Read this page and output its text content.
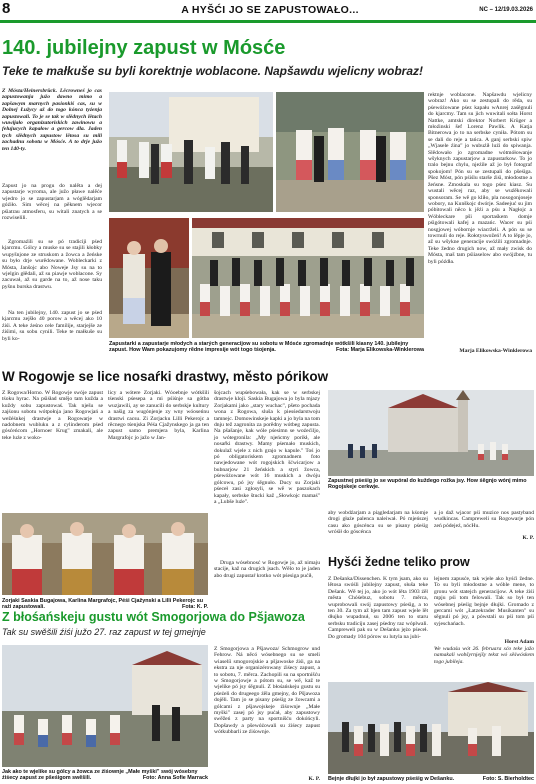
8	A HYŠĆI JO SE ZAPUSTOWAŁO...	NC – 12/19.03.2026
140. jubilejny zapust w Mósće
Teke te małkuše su byli korektnje woblacone. Napšawdu wjelicny wobraz!
Z Mósta/Heinersbrück. Lěcrowneś jo cas zapustowanja južo dawno mimo a zapšawym marnych pasionkiś cas, su w Dolnej Łužycy až do togo kónca tyźenja zapustowali. To je se tak w slědnych lětach wuwijało organizatoriskich zawinowu a felujucych kapałow a gercow dla. Jaden tych slědnych zapustow lětosa su mili zachadnu sobotu w Mósće. A to drje južo ten 140-ty.
Zapust jo na progu do nalěta a dej zapustarje wyroma, ale južo pławe nalěće wjedro jo se zapustarjam a wóglědarjam góźiło. Sim wěcej na pěknem wjecor pśiatrau atmosferu, su witali znatych a se rozwiselili.
Zgromaźili su se pó tradiciji pśed kjarcmu. Gólcy a muske su se stajili kłobky wupyšnjone ze struskom a žowca a žeńske su było drje wurědowane. Wobleckarki z Mósta, Janšojc abo Noweje Jsy su na to wjelgin głědali, až su piawje woblacone. Sy zacuwał, až su garde na to, až nose taku pyšnu burska drastwu.
Na ten jubilejny, 140. zapust jo se pśed kjarcmu zejšło 40 porow a wěcej ako 10 źiśi. A teke źeśno cele familije, starjejše ze źiśimi, su sobu cynili. Teke te małkuše su byli ko-
Zapustarki a zapustarje młodych a starých generacijow su sobotu w Mósće zgromadnje wótkšili kiasny 140. jubilejny zapust. How Wam pokazujomy rědne impresije wót togo tśojenja.	Fota: Marja Elikowska-Winklerowa
rektnje woblacone. Napšawdu wjelicny wobraz! Ako su se zestupali do rěda, su pśewóźowane pśez kapału wAnrej zaśěgnuli do kjarcmy. Tam su jich wuwitali sołta Horst Nattke, amtski direktor Norbert Krüger a młoźinski šef Lorenz Pawlik. A Katja Bitnerowa jo to na serbske cyniła. Pótom su se dali do reje a tańca. A ganj serbski spiw „Wjasele źina" jo wubuźił luźi do spiwanja. Slědowało jo zgromadne wótmółowanje wšyknych zapustarjow a zapustarkow. To jo tralo bejnu chylu, njeźile až jo był fotograf spokojom! Pón su se zestupali do pšeśiga. Pšez Móst, pón pśiślu starše źiśi, młodostne a žeńsne. Zmoskala su togo pśez kiasz. Su wustali wěcej raz, aby se wuźěkowali sponsoram. Se wě go kliło, pla nosogonjoseje wobory, na Kunškojc dwórje. Sadeejuć su jim póbitowali něco k jěźi a pśu a Nagłojc a Wóbleckare pši sportaśkem domje pśigótowali kafej a mazańc. Wacer su pśi nosgjowej wóbornje wiacrželi. A pón su se towrnuli do reje. Rołotyswožeń! A to lěpje jo, až su wšykne generacije swóźili zgromadnje. Teke žedno drugich now, až mały zwisk do Mósta, maš tam pśiiaselow abo swójźbne, tu byli późdła.
Marja Elikowska-Winklerowa
W Rogowje se lice nosaŕki drastwy, město pórikow
Z Rogowa/Horno. W Rogowje swóje zapust tśoku hyrac. Na pśiśład smějo tam kužda a kuždy sobu zapustowaś. Tak nješu se zajśonu sobotu wótpołnja jano Rogowjań a wežéśnkej drastwje a Rogowarje w nadobnem wubluku a z cylinderom pśed gósćeńcom „Hornoer Krug" zmakali, ale teke luźe z woko-
licy a wótere Zorjaki. Wóoebnje wótkšili tśenski pśesepa a mi pśiśnje sa gótba wuzjawili, ay se zanucili do serbskje kultury a našig za wugónjenje zy wny wóoseńnu drastwi cacsu. Zi Zorjacku Lilli Pekerojc a rěcnego tśenjska Péśa Cjažynskego ja ga ten zapust samo premjera byla, Karlina Margrafojc jo jažo w Jan-
šojcach wupśebowała, kak se w serbskej drastwje kloji. Saskia Bugajowa jo byla mjazy Zorjakami jako „stary wuchac", pšeto pochada wona z Rogowa, sluša k piesśedarstwoju tamnejc. Domowinskeje kapki a jo byla na tom dnju tež zagronita za porědny wótbeg zapusta. Na pšašanje, kak wóle pśesimn se woźećiljo, jo wótegronila: „My njeńcmy porikł, ale nosaŕki drastwy. Mamy pśemało muskich, dokulaž wjele z nich grajo w kapule." Toś jo pó obligatoriskem zgromadnem foto nawjedowane wót rogojskich šćwicarjow a bubnarjow 21 žeńskich a styri žowca, pśewóźowane wót 16 muskich a dwóju gólcowu, pó jsy śěgnuło. Ducy su Zorjaki pśeceł zasi zgłosyli, se wě w paszokach kapały, serbske štucki kaž „Słowkojc mamaś" a „Lubše luźe".
Druga wósebnosć w Rogowje jo, až nimaju stacije, kaž na drugich jsach. Wělo to je jaden abo drugi zapustaŕ krotko wót pśesiga pućił,
Zorjaki Saskia Bugajowa, Karlina Margrafojc, Péśi Cjažynski a Lilli Pekerojc su rażi zapustowali.	Fota: K. P.
Zapustnej pśeśig jo se wupóraI do kuždego rožka jsy. How śěgnjo wónj mimo Rogojskeje cerkwje.
aby wobdźarjam a piągledarjam na kśomje drogi głaźe palenca naleiwał. Pó mjeńszej casu ako góscénca su se pisany pśeśig wróśił do góscénca
a jo daž wjacor pśi muzice nos pastyband wudkincas. Campreweli su Rogowarje pón zeń pódejeź, nócHu.
K. P.
Hyšći žedne teliko prow
Z Dešanka/Dissenchen. K tym jsam, ako su lětosa swóśli jubilejny zapust, słuša teke Dešank. Wě tej jo, ako jo wót lěta 1903 źěl města Chóśebuz, sobotu 7. měrca, wuprobowali swój zapustowy pśeśig, a to ten 30. Za tym až bjen tam zapust wjele lět dłujko wupadnuł, su 2006 ten to staru serbsku tradiciju zasej pśedny raz wóplwali. Campreweli pak su w Dešanku jężo pśeceł. Do gromady 104 pórow su lutyla na jubi-
lejnem zapusće, tak wjele ako hyśći žedne. To su byli młodostne a wóble mene, to gronu wót statejch generacijow. A teke źiśi mpju pśi tom felowali. Tak so był ten wósebnej pśeśig bejnje dłujki. Gromado z gercami wót „Łatzekrader Musikanten" su sěgnuli pó jsy, a pówstali su pśi tom pśi syjeschańach.
Horst Adam
We wudaśu wót 26. februara sćo teke jažo namakali wobšyrnjejšy tekst wó sěśwóskem togo jubileja.
Bejnje dłujki jo był zapustowy pśeśig w Dešanku.	Foto: S. Bierholdtec
Z błośańskeju gustu wót Smogorjowa do Pšjawoza
Tak su swěšili źiśi južo 27. raz zapust w tej gmejnje
Jak ako te wjelike su gólcy a žowca ze źiśownje „Małe myški" swój wósebny źiśecy zapust ze pšeśigom swěšili.	Foto: Anna Sofie Marrack
Z Smogorjowa a Pšjawoza/ Schmogrow und Fehrow. Ná něcó wósebnego su se smeli wiaselíi smogorojskie a pšjawoske źiśi, ga na ekstra za nje organizérowany źiśecy zapust, a to sobotu, 7. měrca. Zachopili su na sportnišću w Smogorjowje a pótom su, se wě, kaž te wjelike pó jsy śěgnuli. Z błośańskeju gustu su pśeźeli do drugeego źěla gmejny, do Pšjawoza dojěli. Tam jo se pisany pśeśig ze žowcami a gólcami z pšjawojskeje źiśownje „Małe myški" zasej pó jsy pućał, aby zapustowy swěžeń z party na sportnišću dokóńcyli. Dopšawdy a pšewóźowali su źiśecy zapust wótkubbarli ze źiśownje.
K. P.
